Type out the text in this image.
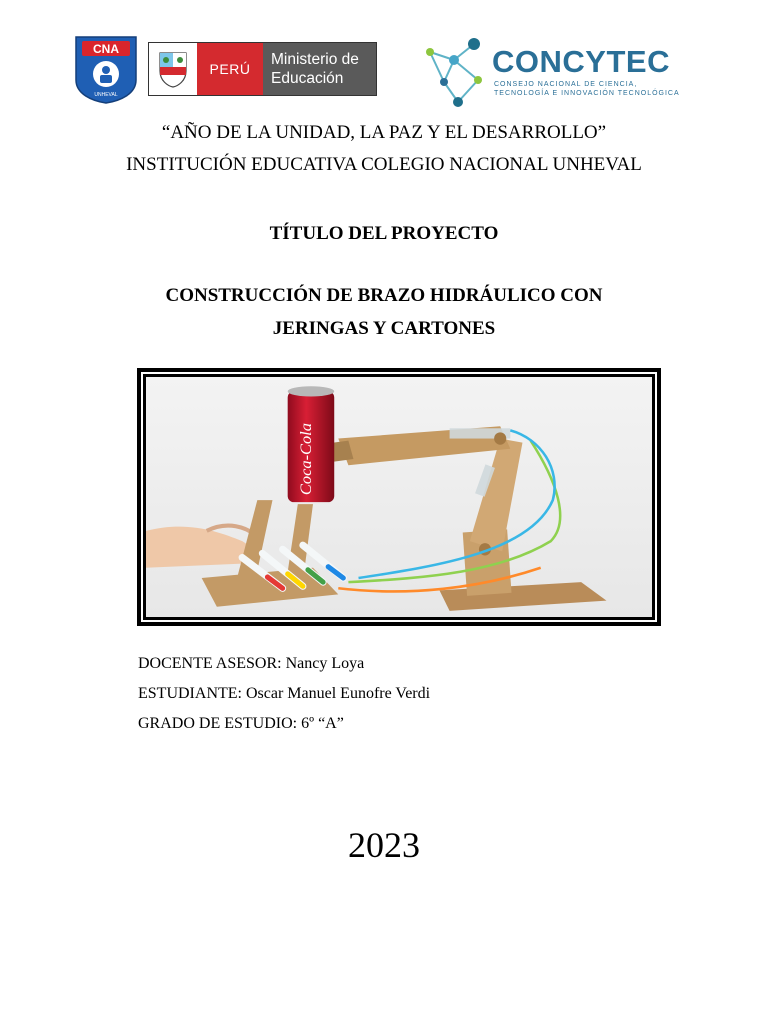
CNA
UNHEVAL
PERÚ
Ministerio de
Educación	CONCYTEC
CONSEJO NACIONAL DE CIENCIA,
TECNOLOGÍA E INNOVACIÓN TECNOLÓGICA
“AÑO DE LA UNIDAD, LA PAZ Y EL DESARROLLO”
INSTITUCIÓN EDUCATIVA COLEGIO NACIONAL UNHEVAL
TÍTULO DEL PROYECTO
CONSTRUCCIÓN DE BRAZO HIDRÁULICO CON
JERINGAS Y CARTONES
Coca-Cola
DOCENTE ASESOR: Nancy Loya
ESTUDIANTE: Oscar Manuel Eunofre Verdi
GRADO DE ESTUDIO: 6º “A”
2023
